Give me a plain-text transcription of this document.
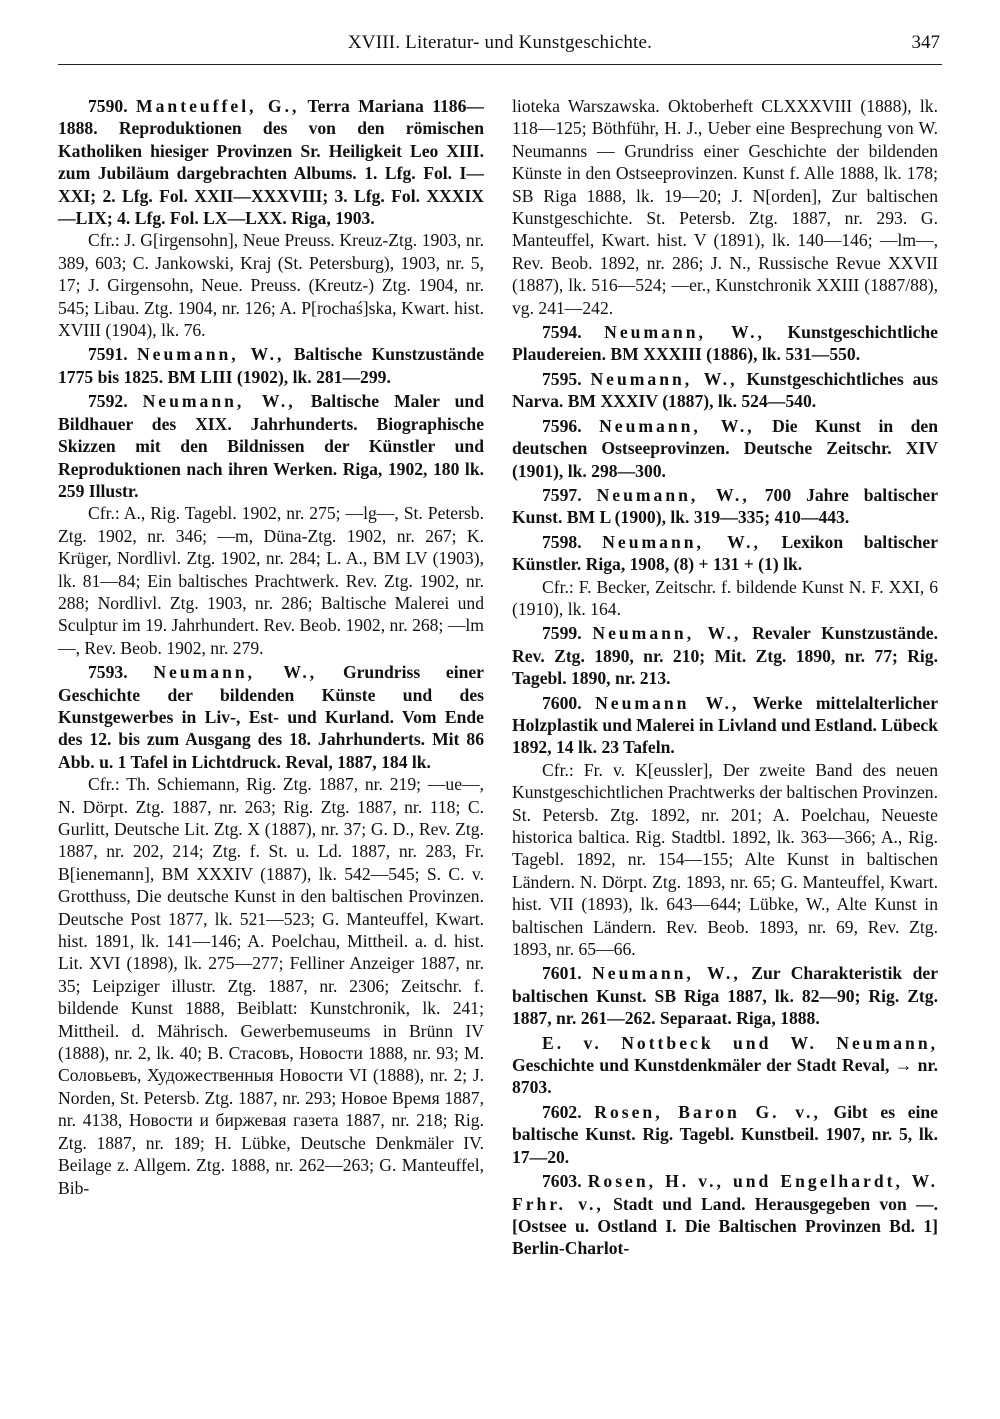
XVIII. Literatur- und Kunstgeschichte.	347
7590. Manteuffel, G., Terra Mariana 1186—1888. Reproduktionen des von den römischen Katholiken hiesiger Provinzen Sr. Heiligkeit Leo XIII. zum Jubiläum dargebrachten Albums. 1. Lfg. Fol. I—XXI; 2. Lfg. Fol. XXII—XXXVIII; 3. Lfg. Fol. XXXIX—LIX; 4. Lfg. Fol. LX—LXX. Riga, 1903.
Cfr.: J. G[irgensohn], Neue Preuss. Kreuz-Ztg. 1903, nr. 389, 603; C. Jankowski, Kraj (St. Petersburg), 1903, nr. 5, 17; J. Girgensohn, Neue. Preuss. (Kreutz-) Ztg. 1904, nr. 545; Libau. Ztg. 1904, nr. 126; A. P[rochaś]ska, Kwart. hist. XVIII (1904), lk. 76.
7591. Neumann, W., Baltische Kunstzustände 1775 bis 1825. BM LIII (1902), lk. 281—299.
7592. Neumann, W., Baltische Maler und Bildhauer des XIX. Jahrhunderts. Biographische Skizzen mit den Bildnissen der Künstler und Reproduktionen nach ihren Werken. Riga, 1902, 180 lk. 259 Illustr.
Cfr.: A., Rig. Tagebl. 1902, nr. 275; —lg—, St. Petersb. Ztg. 1902, nr. 346; —m, Düna-Ztg. 1902, nr. 267; K. Krüger, Nordlivl. Ztg. 1902, nr. 284; L. A., BM LV (1903), lk. 81—84; Ein baltisches Prachtwerk. Rev. Ztg. 1902, nr. 288; Nordlivl. Ztg. 1903, nr. 286; Baltische Malerei und Sculptur im 19. Jahrhundert. Rev. Beob. 1902, nr. 268; —lm—, Rev. Beob. 1902, nr. 279.
7593. Neumann, W., Grundriss einer Geschichte der bildenden Künste und des Kunstgewerbes in Liv-, Est- und Kurland. Vom Ende des 12. bis zum Ausgang des 18. Jahrhunderts. Mit 86 Abb. u. 1 Tafel in Lichtdruck. Reval, 1887, 184 lk.
Cfr.: Th. Schiemann, Rig. Ztg. 1887, nr. 219; —ue—, N. Dörpt. Ztg. 1887, nr. 263; Rig. Ztg. 1887, nr. 118; C. Gurlitt, Deutsche Lit. Ztg. X (1887), nr. 37; G. D., Rev. Ztg. 1887, nr. 202, 214; Ztg. f. St. u. Ld. 1887, nr. 283, Fr. B[ienemann], BM XXXIV (1887), lk. 542—545; S. C. v. Grotthuss, Die deutsche Kunst in den baltischen Provinzen. Deutsche Post 1877, lk. 521—523; G. Manteuffel, Kwart. hist. 1891, lk. 141—146; A. Poelchau, Mittheil. a. d. hist. Lit. XVI (1898), lk. 275—277; Felliner Anzeiger 1887, nr. 35; Leipziger illustr. Ztg. 1887, nr. 2306; Zeitschr. f. bildende Kunst 1888, Beiblatt: Kunstchronik, lk. 241; Mittheil. d. Mährisch. Gewerbemuseums in Brünn IV (1888), nr. 2, lk. 40; В. Стасовъ, Новости 1888, nr. 93; М. Соловьевъ, Художественныя Новости VI (1888), nr. 2; J. Norden, St. Petersb. Ztg. 1887, nr. 293; Новое Время 1887, nr. 4138, Новости и биржевая газета 1887, nr. 218; Rig. Ztg. 1887, nr. 189; H. Lübke, Deutsche Denkmäler IV. Beilage z. Allgem. Ztg. 1888, nr. 262—263; G. Manteuffel, Bib-
lioteka Warszawska. Oktoberheft CLXXXVIII (1888), lk. 118—125; Böthführ, H. J., Ueber eine Besprechung von W. Neumanns — Grundriss einer Geschichte der bildenden Künste in den Ostseeprovinzen. Kunst f. Alle 1888, lk. 178; SB Riga 1888, lk. 19—20; J. N[orden], Zur baltischen Kunstgeschichte. St. Petersb. Ztg. 1887, nr. 293. G. Manteuffel, Kwart. hist. V (1891), lk. 140—146; —lm—, Rev. Beob. 1892, nr. 286; J. N., Russische Revue XXVII (1887), lk. 516—524; —er., Kunstchronik XXIII (1887/88), vg. 241—242.
7594. Neumann, W., Kunstgeschichtliche Plaudereien. BM XXXIII (1886), lk. 531—550.
7595. Neumann, W., Kunstgeschichtliches aus Narva. BM XXXIV (1887), lk. 524—540.
7596. Neumann, W., Die Kunst in den deutschen Ostseeprovinzen. Deutsche Zeitschr. XIV (1901), lk. 298—300.
7597. Neumann, W., 700 Jahre baltischer Kunst. BM L (1900), lk. 319—335; 410—443.
7598. Neumann, W., Lexikon baltischer Künstler. Riga, 1908, (8) + 131 + (1) lk.
Cfr.: F. Becker, Zeitschr. f. bildende Kunst N. F. XXI, 6 (1910), lk. 164.
7599. Neumann, W., Revaler Kunstzustände. Rev. Ztg. 1890, nr. 210; Mit. Ztg. 1890, nr. 77; Rig. Tagebl. 1890, nr. 213.
7600. Neumann W., Werke mittelalterlicher Holzplastik und Malerei in Livland und Estland. Lübeck 1892, 14 lk. 23 Tafeln.
Cfr.: Fr. v. K[eussler], Der zweite Band des neuen Kunstgeschichtlichen Prachtwerks der baltischen Provinzen. St. Petersb. Ztg. 1892, nr. 201; A. Poelchau, Neueste historica baltica. Rig. Stadtbl. 1892, lk. 363—366; A., Rig. Tagebl. 1892, nr. 154—155; Alte Kunst in baltischen Ländern. N. Dörpt. Ztg. 1893, nr. 65; G. Manteuffel, Kwart. hist. VII (1893), lk. 643—644; Lübke, W., Alte Kunst in baltischen Ländern. Rev. Beob. 1893, nr. 69, Rev. Ztg. 1893, nr. 65—66.
7601. Neumann, W., Zur Charakteristik der baltischen Kunst. SB Riga 1887, lk. 82—90; Rig. Ztg. 1887, nr. 261—262. Separaat. Riga, 1888.
E. v. Nottbeck und W. Neumann, Geschichte und Kunstdenkmäler der Stadt Reval, → nr. 8703.
7602. Rosen, Baron G. v., Gibt es eine baltische Kunst. Rig. Tagebl. Kunstbeil. 1907, nr. 5, lk. 17—20.
7603. Rosen, H. v., und Engelhardt, W. Frhr. v., Stadt und Land. Herausgegeben von —. [Ostsee u. Ostland I. Die Baltischen Provinzen Bd. 1] Berlin-Charlot-
